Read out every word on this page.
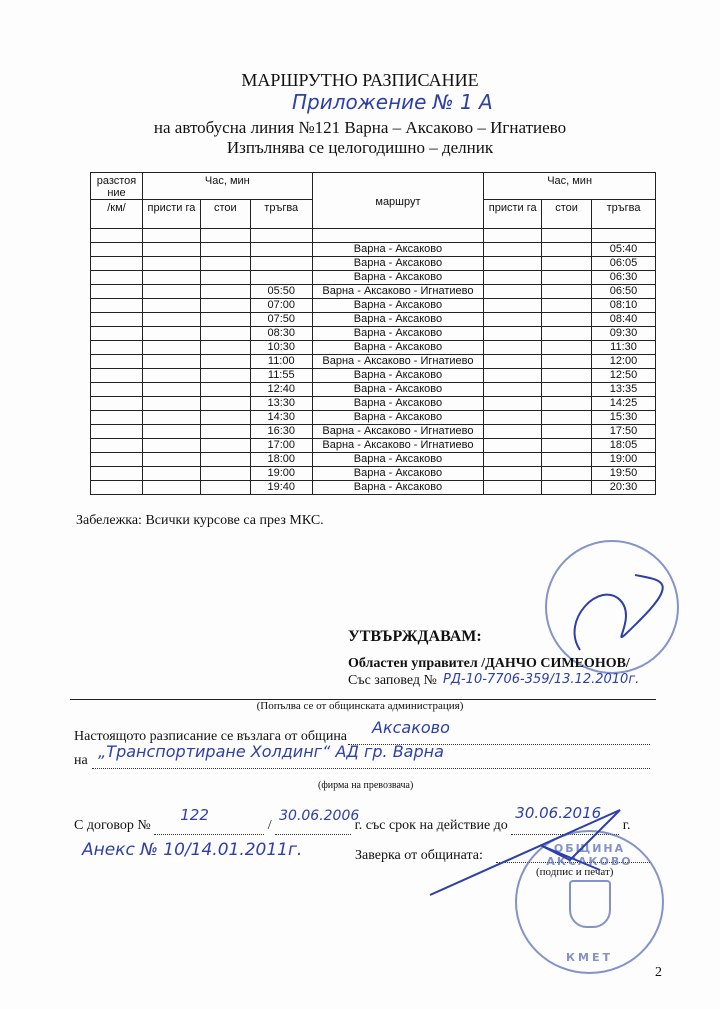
МАРШРУТНО РАЗПИСАНИЕ
Приложение № 1 А
на автобусна линия №121 Варна – Аксаково – Игнатиево
Изпълнява се целогодишно – делник
разстоя ние	Час, мин			маршрут	Час, мин		
/км/	присти га	стои	тръгва		присти га	стои	тръгва

				Варна - Аксаково			05:40
				Варна - Аксаково			06:05
				Варна - Аксаково			06:30
			05:50	Варна - Аксаково - Игнатиево			06:50
			07:00	Варна - Аксаково			08:10
			07:50	Варна - Аксаково			08:40
			08:30	Варна - Аксаково			09:30
			10:30	Варна - Аксаково			11:30
			11:00	Варна - Аксаково - Игнатиево			12:00
			11:55	Варна - Аксаково			12:50
			12:40	Варна - Аксаково			13:35
			13:30	Варна - Аксаково			14:25
			14:30	Варна - Аксаково			15:30
			16:30	Варна - Аксаково - Игнатиево			17:50
			17:00	Варна - Аксаково - Игнатиево			18:05
			18:00	Варна - Аксаково			19:00
			19:00	Варна - Аксаково			19:50
			19:40	Варна - Аксаково			20:30
Забележка: Всички курсове са през МКС.
УТВЪРЖДАВАМ:
Областен управител /ДАНЧО СИМЕОНОВ/
Със заповед № РД-10-7706-359/13.12.2010г.
(Попълва се от общинската администрация)
Настоящото разписание се възлага от община Аксаково
на „Транспортиране Холдинг“ АД гр. Варна
(фирма на превозвача)
С договор №
122
/
30.06.2006
г. със срок на действие до
30.06.2016
г.
Анекс № 10/14.01.2011г.	Заверка от общината:
(подпис и печат)
ОБЩИНА АКСАКОВО
КМЕТ
2
